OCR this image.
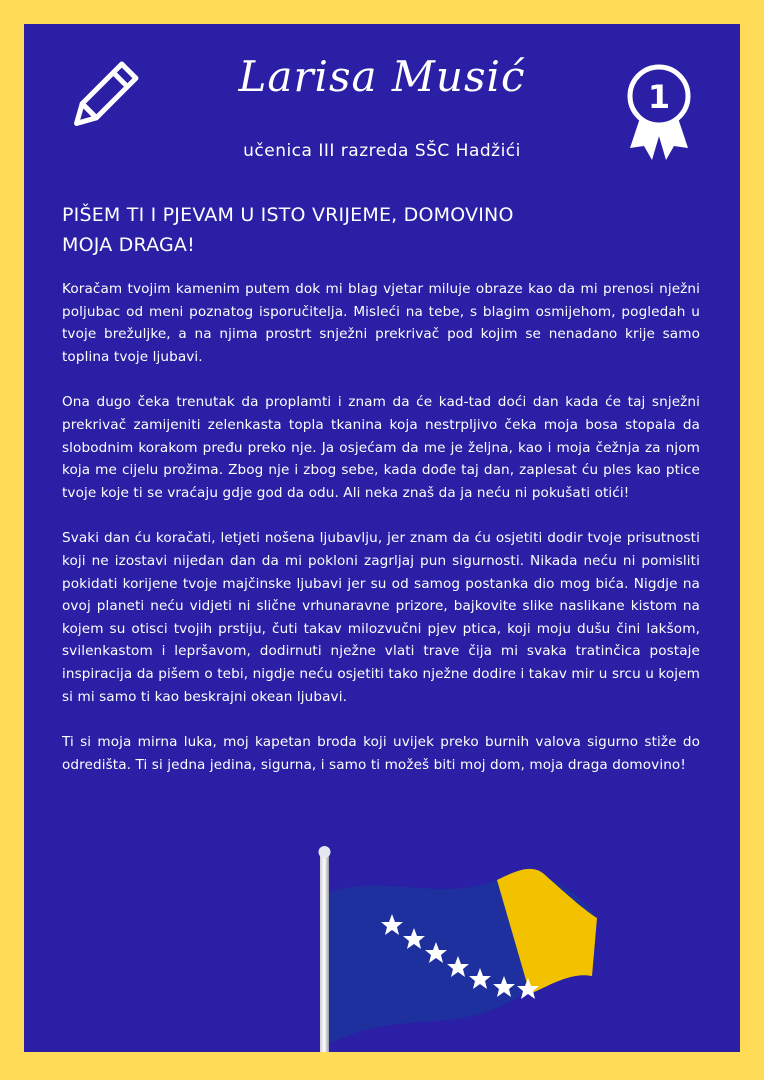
Larisa Musić
učenica III razreda SŠC Hadžići
1
PIŠEM TI I PJEVAM U ISTO VRIJEME, DOMOVINO
MOJA DRAGA!

Koračam tvojim kamenim putem dok mi blag vjetar miluje obraze kao da mi prenosi nježni poljubac od meni poznatog isporučitelja. Misleći na tebe, s blagim osmijehom, pogledah u tvoje brežuljke, a na njima prostrt snježni prekrivač pod kojim se nenadano krije samo toplina tvoje ljubavi.

Ona dugo čeka trenutak da proplamti i znam da će kad-tad doći dan kada će taj snježni prekrivač zamijeniti zelenkasta topla tkanina koja nestrpljivo čeka moja bosa stopala da slobodnim korakom pređu preko nje. Ja osjećam da me je željna, kao i moja čežnja za njom koja me cijelu prožima. Zbog nje i zbog sebe, kada dođe taj dan, zaplesat ću ples kao ptice tvoje koje ti se vraćaju gdje god da odu. Ali neka znaš da ja neću ni pokušati otići!

Svaki dan ću koračati, letjeti nošena ljubavlju, jer znam da ću osjetiti dodir tvoje prisutnosti koji ne izostavi nijedan dan da mi pokloni zagrljaj pun sigurnosti. Nikada neću ni pomisliti pokidati korijene tvoje majčinske ljubavi jer su od samog postanka dio mog bića. Nigdje na ovoj planeti neću vidjeti ni slične vrhunaravne prizore, bajkovite slike naslikane kistom na kojem su otisci tvojih prstiju, čuti takav milozvučni pjev ptica, koji moju dušu čini lakšom, svilenkastom i lepršavom, dodirnuti nježne vlati trave čija mi svaka tratinčica postaje inspiracija da pišem o tebi, nigdje neću osjetiti tako nježne dodire i takav mir u srcu u kojem si mi samo ti kao beskrajni okean ljubavi.

Ti si moja mirna luka, moj kapetan broda koji uvijek preko burnih valova sigurno stiže do odredišta. Ti si jedna jedina, sigurna, i samo ti možeš biti moj dom, moja draga domovino!
